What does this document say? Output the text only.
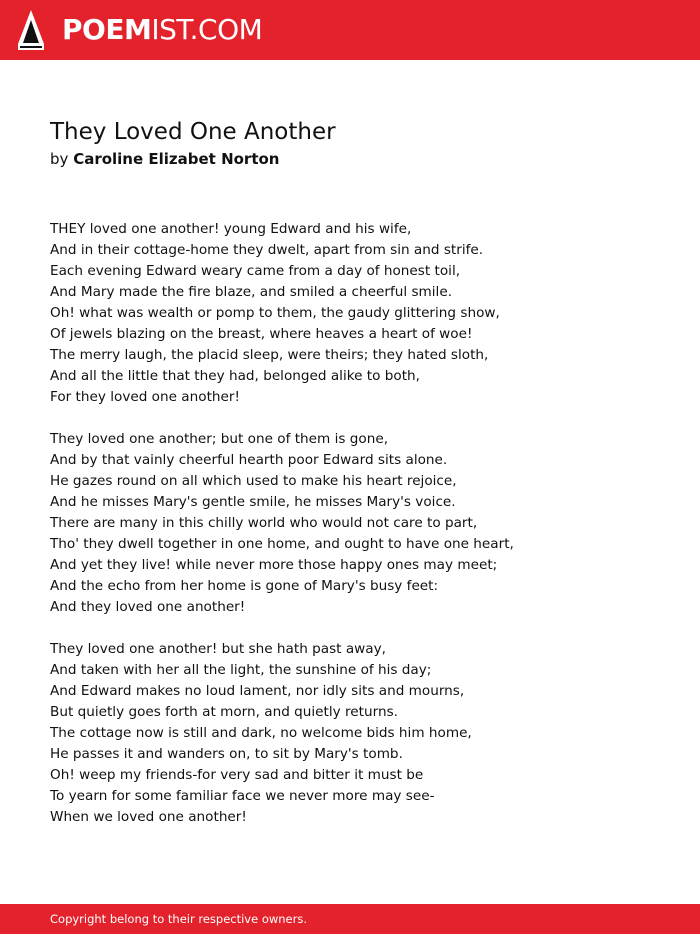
POEMIST.COM
They Loved One Another
by Caroline Elizabet Norton
THEY loved one another! young Edward and his wife,
And in their cottage-home they dwelt, apart from sin and strife.
Each evening Edward weary came from a day of honest toil,
And Mary made the fire blaze, and smiled a cheerful smile.
Oh! what was wealth or pomp to them, the gaudy glittering show,
Of jewels blazing on the breast, where heaves a heart of woe!
The merry laugh, the placid sleep, were theirs; they hated sloth,
And all the little that they had, belonged alike to both,
For they loved one another!
They loved one another; but one of them is gone,
And by that vainly cheerful hearth poor Edward sits alone.
He gazes round on all which used to make his heart rejoice,
And he misses Mary's gentle smile, he misses Mary's voice.
There are many in this chilly world who would not care to part,
Tho' they dwell together in one home, and ought to have one heart,
And yet they live! while never more those happy ones may meet;
And the echo from her home is gone of Mary's busy feet:
And they loved one another!
They loved one another! but she hath past away,
And taken with her all the light, the sunshine of his day;
And Edward makes no loud lament, nor idly sits and mourns,
But quietly goes forth at morn, and quietly returns.
The cottage now is still and dark, no welcome bids him home,
He passes it and wanders on, to sit by Mary's tomb.
Oh! weep my friends-for very sad and bitter it must be
To yearn for some familiar face we never more may see-
When we loved one another!
Copyright belong to their respective owners.
